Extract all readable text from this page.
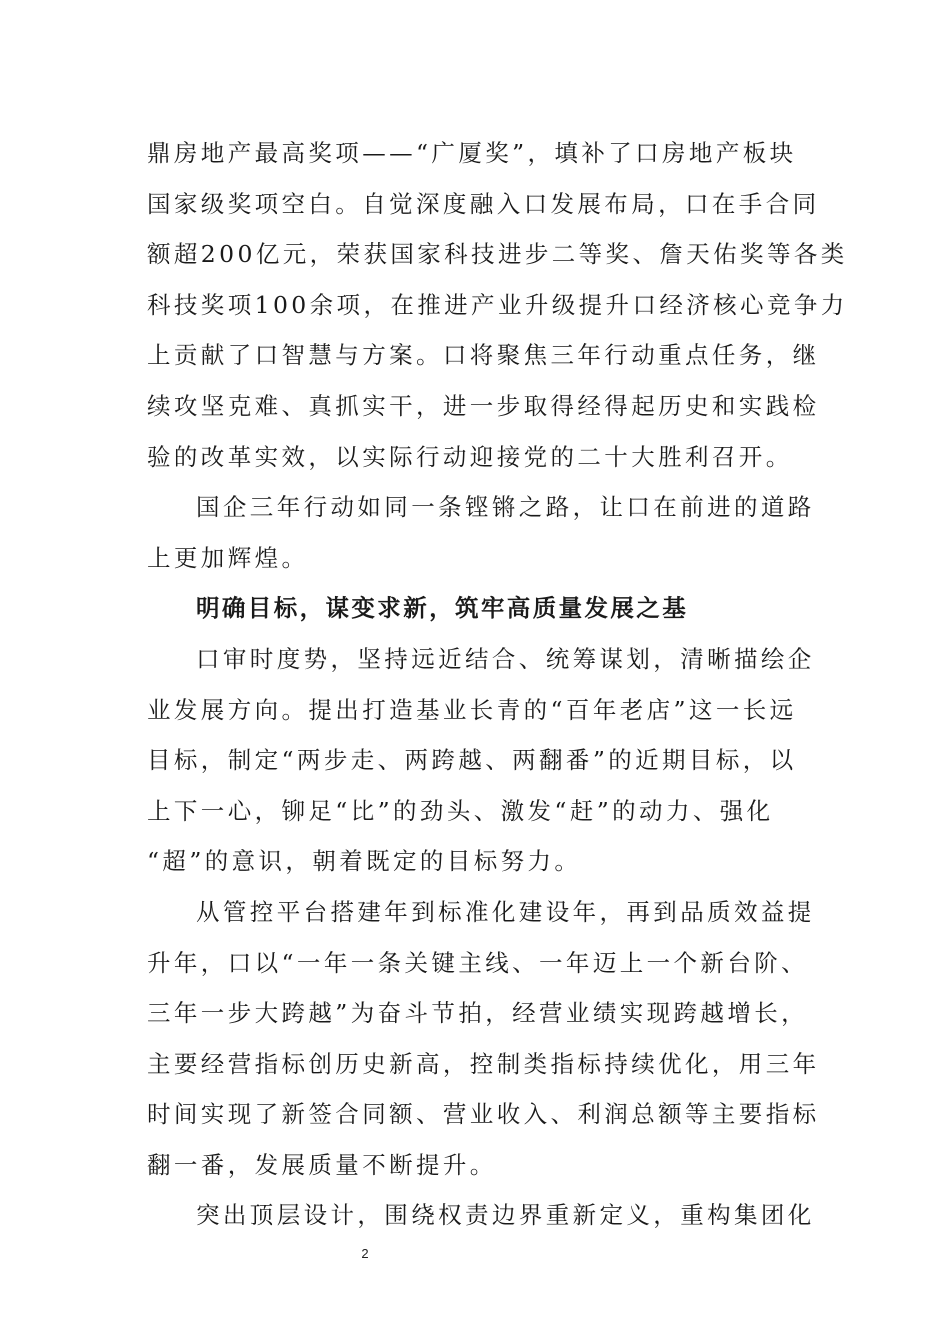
鼎房地产最高奖项——“广厦奖”，填补了口房地产板块
国家级奖项空白。自觉深度融入口发展布局，口在手合同
额超200亿元，荣获国家科技进步二等奖、詹天佑奖等各类
科技奖项100余项，在推进产业升级提升口经济核心竞争力
上贡献了口智慧与方案。口将聚焦三年行动重点任务，继
续攻坚克难、真抓实干，进一步取得经得起历史和实践检
验的改革实效，以实际行动迎接党的二十大胜利召开。

国企三年行动如同一条铿锵之路，让口在前进的道路
上更加辉煌。

明确目标，谋变求新，筑牢高质量发展之基

口审时度势，坚持远近结合、统筹谋划，清晰描绘企
业发展方向。提出打造基业长青的“百年老店”这一长远
目标，制定“两步走、两跨越、两翻番”的近期目标，以
上下一心，铆足“比”的劲头、激发“赶”的动力、强化
“超”的意识，朝着既定的目标努力。

从管控平台搭建年到标准化建设年，再到品质效益提
升年，口以“一年一条关键主线、一年迈上一个新台阶、
三年一步大跨越”为奋斗节拍，经营业绩实现跨越增长，
主要经营指标创历史新高，控制类指标持续优化，用三年
时间实现了新签合同额、营业收入、利润总额等主要指标
翻一番，发展质量不断提升。

突出顶层设计，围绕权责边界重新定义，重构集团化

2
